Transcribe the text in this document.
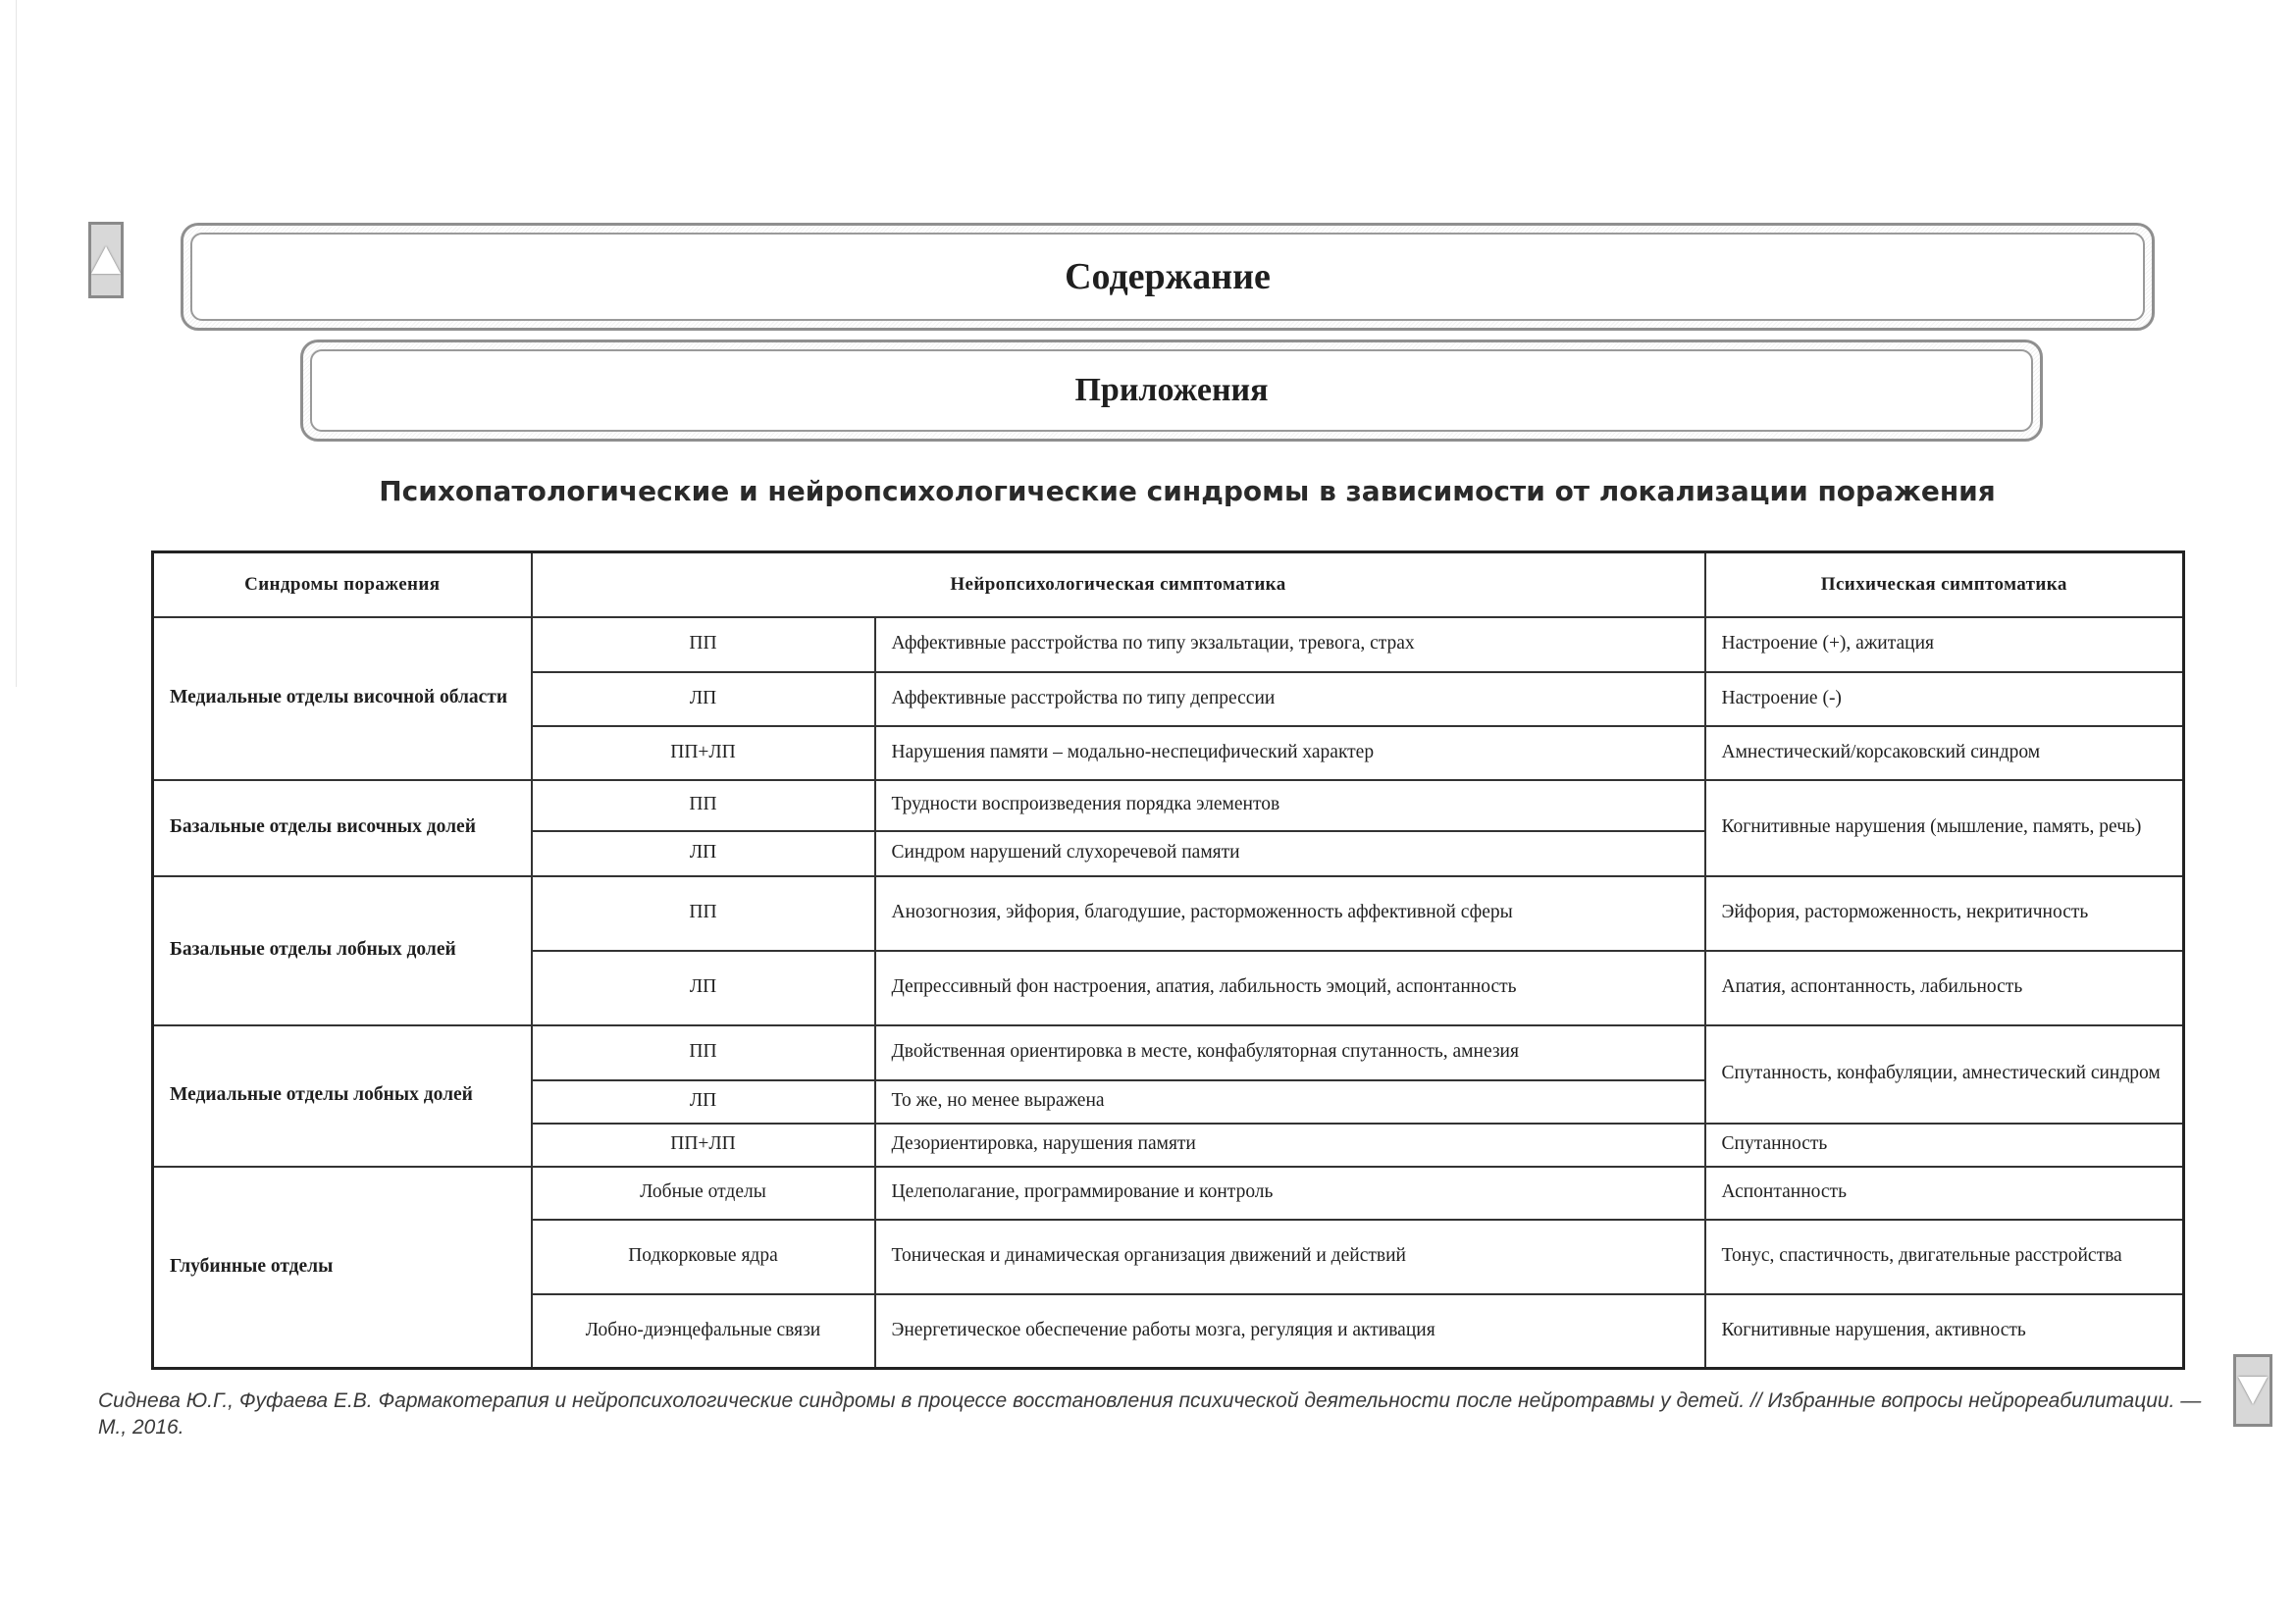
Содержание
Приложения
Психопатологические и нейропсихологические синдромы в зависимости от локализации поражения
Синдромы поражения	Нейропсихологическая симптоматика		Психическая симптоматика
Медиальные отделы височной области	ПП	Аффективные расстройства по типу экзальтации, тревога, страх	Настроение (+), ажитация
	ЛП	Аффективные расстройства по типу депрессии	Настроение (-)
	ПП+ЛП	Нарушения памяти – модально-неспецифический характер	Амнестический/корсаковский синдром
Базальные отделы височных долей	ПП	Трудности воспроизведения порядка элементов	Когнитивные нарушения (мышление, память, речь)
	ЛП	Синдром нарушений слухоречевой памяти	
Базальные отделы лобных долей	ПП	Анозогнозия, эйфория, благодушие, расторможенность аффективной сферы	Эйфория, расторможенность, некритичность
	ЛП	Депрессивный фон настроения, апатия, лабильность эмоций, аспонтанность	Апатия, аспонтанность, лабильность
Медиальные отделы лобных долей	ПП	Двойственная ориентировка в месте, конфабуляторная спутанность, амнезия	Спутанность, конфабуляции, амнестический синдром
	ЛП	То же, но менее выражена	
	ПП+ЛП	Дезориентировка, нарушения памяти	Спутанность
Глубинные отделы	Лобные отделы	Целеполагание, программирование и контроль	Аспонтанность
	Подкорковые ядра	Тоническая и динамическая организация движений и действий	Тонус, спастичность, двигательные расстройства
	Лобно-диэнцефальные связи	Энергетическое обеспечение работы мозга, регуляция и активация	Когнитивные нарушения, активность
Сиднева Ю.Г., Фуфаева Е.В. Фармакотерапия и нейропсихологические синдромы в процессе восстановления психической деятельности после нейротравмы у детей. // Избранные вопросы нейрореабилитации. — М., 2016.
